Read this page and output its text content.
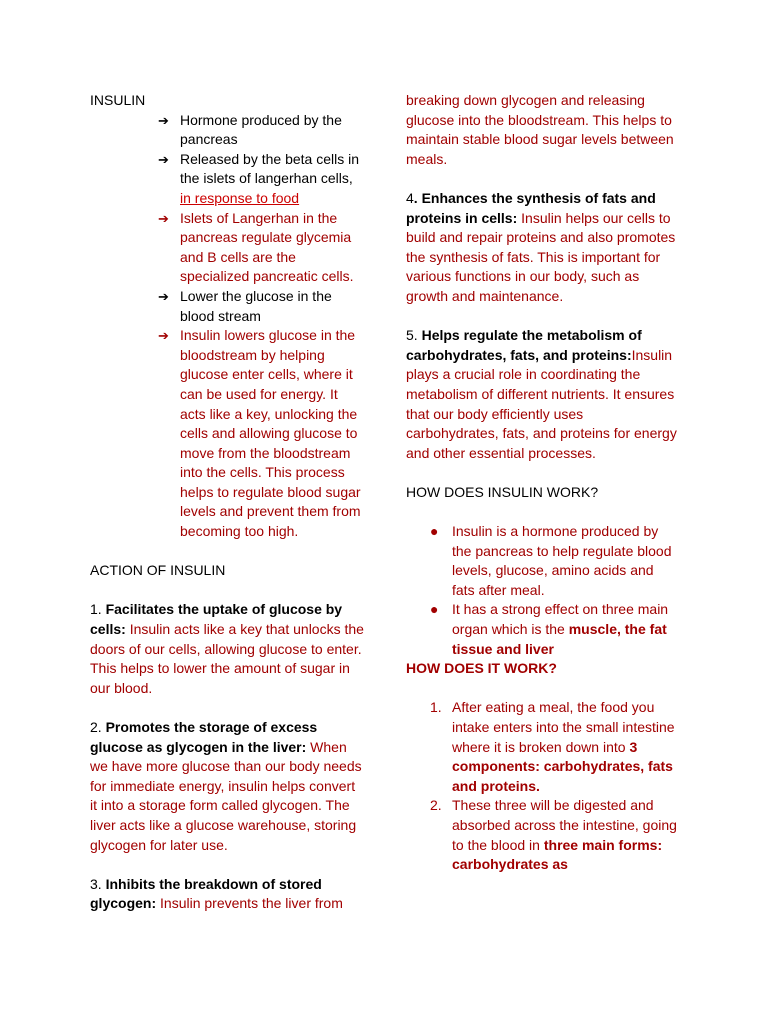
INSULIN

➔ Hormone produced by the pancreas
➔ Released by the beta cells in the islets of langerhan cells, in response to food
➔ Islets of Langerhan in the pancreas regulate glycemia and B cells are the specialized pancreatic cells.
➔ Lower the glucose in the blood stream
➔ Insulin lowers glucose in the bloodstream by helping glucose enter cells, where it can be used for energy. It acts like a key, unlocking the cells and allowing glucose to move from the bloodstream into the cells. This process helps to regulate blood sugar levels and prevent them from becoming too high.

ACTION OF INSULIN

1. Facilitates the uptake of glucose by cells: Insulin acts like a key that unlocks the doors of our cells, allowing glucose to enter. This helps to lower the amount of sugar in our blood.

2. Promotes the storage of excess glucose as glycogen in the liver: When we have more glucose than our body needs for immediate energy, insulin helps convert it into a storage form called glycogen. The liver acts like a glucose warehouse, storing glycogen for later use.

3. Inhibits the breakdown of stored glycogen: Insulin prevents the liver from

breaking down glycogen and releasing glucose into the bloodstream. This helps to maintain stable blood sugar levels between meals.

4. Enhances the synthesis of fats and proteins in cells: Insulin helps our cells to build and repair proteins and also promotes the synthesis of fats. This is important for various functions in our body, such as growth and maintenance.

5. Helps regulate the metabolism of carbohydrates, fats, and proteins:Insulin plays a crucial role in coordinating the metabolism of different nutrients. It ensures that our body efficiently uses carbohydrates, fats, and proteins for energy and other essential processes.

HOW DOES INSULIN WORK?

● Insulin is a hormone produced by the pancreas to help regulate blood levels, glucose, amino acids and fats after meal.
● It has a strong effect on three main organ which is the muscle, the fat tissue and liver

HOW DOES IT WORK?

1. After eating a meal, the food you intake enters into the small intestine where it is broken down into 3 components: carbohydrates, fats and proteins.
2. These three will be digested and absorbed across the intestine, going to the blood in three main forms: carbohydrates as
